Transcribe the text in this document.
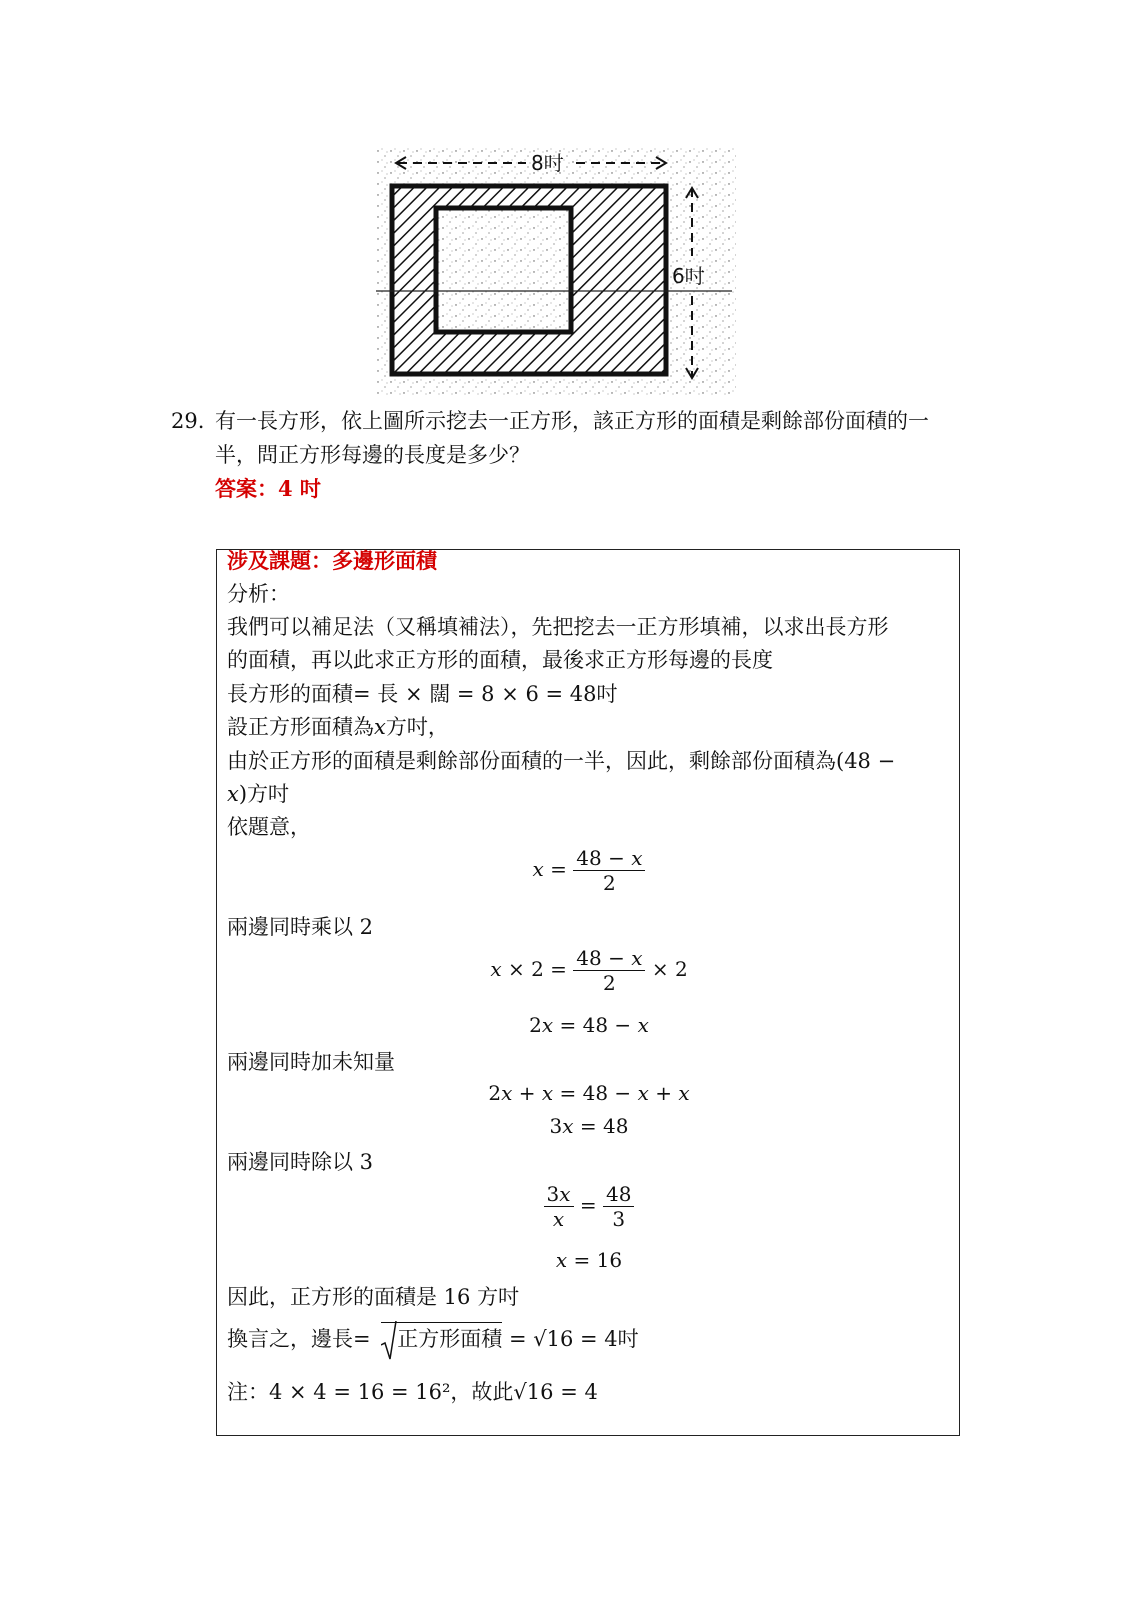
8吋
6吋
29. 有一長方形，依上圖所示挖去一正方形，該正方形的面積是剩餘部份面積的一半，問正方形每邊的長度是多少？
答案：4 吋
涉及課題：多邊形面積
分析：
我們可以補足法（又稱填補法），先把挖去一正方形填補，以求出長方形
的面積，再以此求正方形的面積，最後求正方形每邊的長度
長方形的面積= 長 × 闊 = 8 × 6 = 48吋
設正方形面積為𝑥方吋，
由於正方形的面積是剩餘部份面積的一半，因此，剩餘部份面積為(48 −
𝑥)方吋
依題意，
$x = \frac{48 - x}{2}$
兩邊同時乘以 2
$x \times 2 = \frac{48 - x}{2} \times 2$
2x = 48 − x
兩邊同時加未知量
2x + x = 48 − x + x
3x = 48
兩邊同時除以 3
$\frac{3x}{x} = \frac{48}{3}$
x = 16
因此，正方形的面積是 16 方吋
換言之，邊長= 正方形面積 = √16 = 4吋
注：4 × 4 = 16 = 16²，故此√16 = 4
